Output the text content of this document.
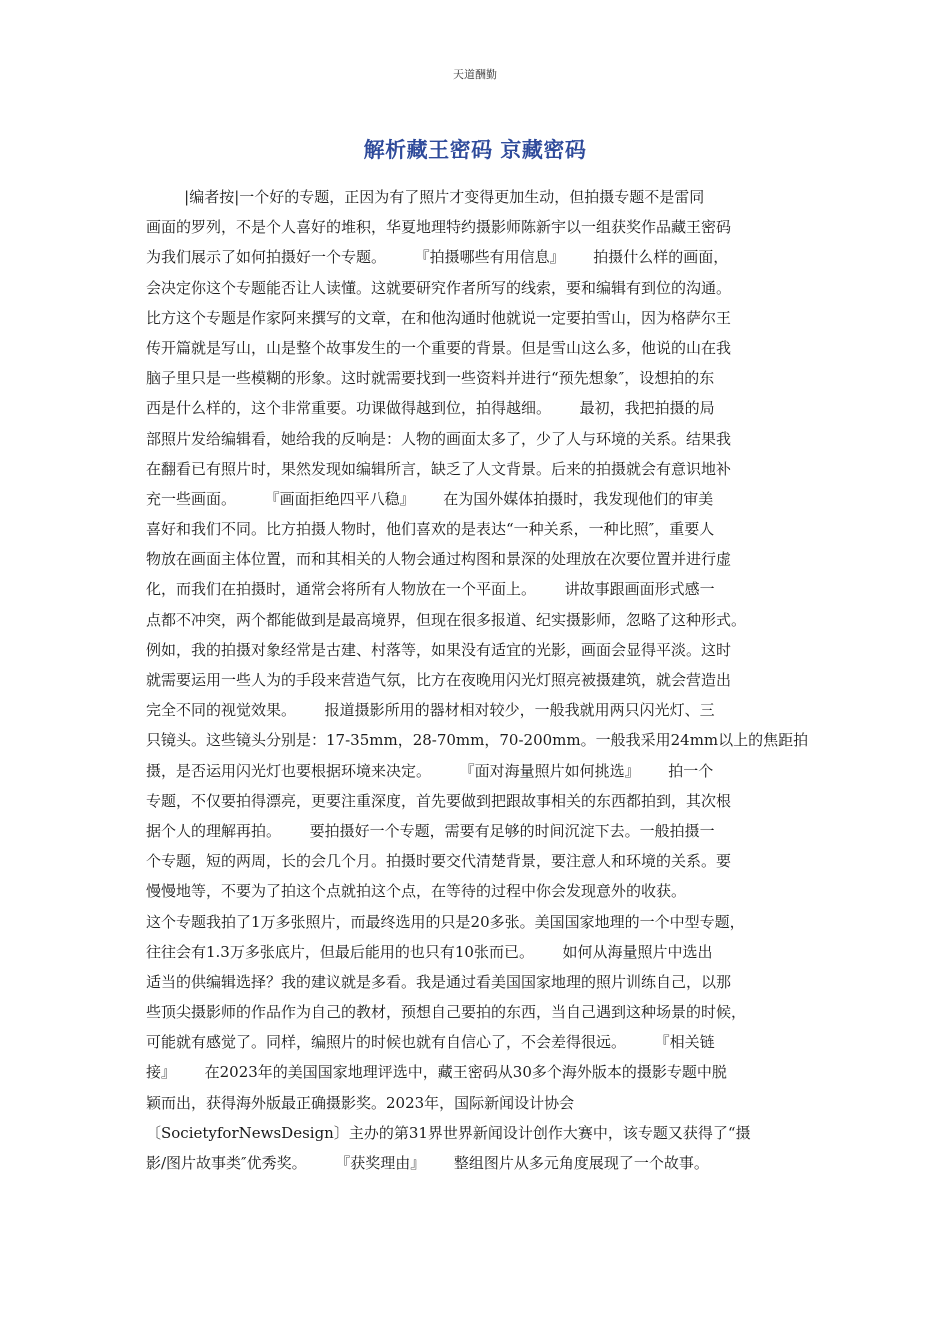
天道酬勤
解析藏王密码 京藏密码
|编者按|一个好的专题，正因为有了照片才变得更加生动，但拍摄专题不是雷同
画面的罗列，不是个人喜好的堆积，华夏地理特约摄影师陈新宇以一组获奖作品藏王密码
为我们展示了如何拍摄好一个专题。      『拍摄哪些有用信息』      拍摄什么样的画面，
会决定你这个专题能否让人读懂。这就要研究作者所写的线索，要和编辑有到位的沟通。
比方这个专题是作家阿来撰写的文章，在和他沟通时他就说一定要拍雪山，因为格萨尔王
传开篇就是写山，山是整个故事发生的一个重要的背景。但是雪山这么多，他说的山在我
脑子里只是一些模糊的形象。这时就需要找到一些资料并进行“预先想象″，设想拍的东
西是什么样的，这个非常重要。功课做得越到位，拍得越细。      最初，我把拍摄的局
部照片发给编辑看，她给我的反响是：人物的画面太多了，少了人与环境的关系。结果我
在翻看已有照片时，果然发现如编辑所言，缺乏了人文背景。后来的拍摄就会有意识地补
充一些画面。      『画面拒绝四平八稳』      在为国外媒体拍摄时，我发现他们的审美
喜好和我们不同。比方拍摄人物时，他们喜欢的是表达“一种关系，一种比照″，重要人
物放在画面主体位置，而和其相关的人物会通过构图和景深的处理放在次要位置并进行虚
化，而我们在拍摄时，通常会将所有人物放在一个平面上。      讲故事跟画面形式感一
点都不冲突，两个都能做到是最高境界，但现在很多报道、纪实摄影师，忽略了这种形式。
例如，我的拍摄对象经常是古建、村落等，如果没有适宜的光影，画面会显得平淡。这时
就需要运用一些人为的手段来营造气氛，比方在夜晚用闪光灯照亮被摄建筑，就会营造出
完全不同的视觉效果。      报道摄影所用的器材相对较少，一般我就用两只闪光灯、三
只镜头。这些镜头分别是：17-35mm，28-70mm，70-200mm。一般我采用24mm以上的焦距拍
摄，是否运用闪光灯也要根据环境来决定。      『面对海量照片如何挑选』      拍一个
专题，不仅要拍得漂亮，更要注重深度，首先要做到把跟故事相关的东西都拍到，其次根
据个人的理解再拍。      要拍摄好一个专题，需要有足够的时间沉淀下去。一般拍摄一
个专题，短的两周，长的会几个月。拍摄时要交代清楚背景，要注意人和环境的关系。要
慢慢地等，不要为了拍这个点就拍这个点，在等待的过程中你会发现意外的收获。
这个专题我拍了1万多张照片，而最终选用的只是20多张。美国国家地理的一个中型专题，
往往会有1.3万多张底片，但最后能用的也只有10张而已。      如何从海量照片中选出
适当的供编辑选择？我的建议就是多看。我是通过看美国国家地理的照片训练自己，以那
些顶尖摄影师的作品作为自己的教材，预想自己要拍的东西，当自己遇到这种场景的时候，
可能就有感觉了。同样，编照片的时候也就有自信心了，不会差得很远。      『相关链
接』      在2023年的美国国家地理评选中，藏王密码从30多个海外版本的摄影专题中脱
颖而出，获得海外版最正确摄影奖。2023年，国际新闻设计协会
〔SocietyforNewsDesign〕主办的第31界世界新闻设计创作大赛中，该专题又获得了“摄
影/图片故事类″优秀奖。      『获奖理由』      整组图片从多元角度展现了一个故事。
